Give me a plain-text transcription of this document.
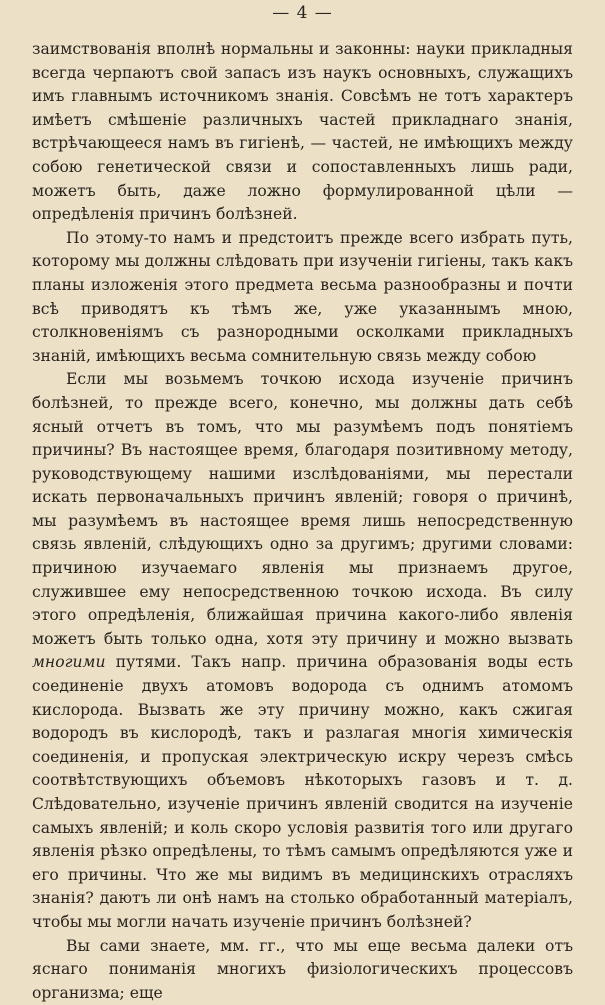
— 4 —

заимствованія вполнѣ нормальны и законны: науки прикладныя всегда черпаютъ свой запасъ изъ наукъ основныхъ, служащихъ имъ главнымъ источникомъ знанія. Совсѣмъ не тотъ характеръ имѣетъ смѣшеніе различныхъ частей прикладнаго знанія, встрѣчающееся намъ въ гигіенѣ, — частей, не имѣющихъ между собою генетической связи и сопоставленныхъ лишь ради, можетъ быть, даже ложно формулированной цѣли — опредѣленія причинъ болѣзней.

По этому-то намъ и предстоитъ прежде всего избрать путь, которому мы должны слѣдовать при изученіи гигіены, такъ какъ планы изложенія этого предмета весьма разнообразны и почти всѣ приводятъ къ тѣмъ же, уже указаннымъ мною, столкновеніямъ съ разнородными осколками прикладныхъ знаній, имѣющихъ весьма сомнительную связь между собою

Если мы возьмемъ точкою исхода изученіе причинъ болѣзней, то прежде всего, конечно, мы должны дать себѣ ясный отчетъ въ томъ, что мы разумѣемъ подъ понятіемъ причины? Въ настоящее время, благодаря позитивному методу, руководствующему нашими изслѣдованіями, мы перестали искать первоначальныхъ причинъ явленій; говоря о причинѣ, мы разумѣемъ въ настоящее время лишь непосредственную связь явленій, слѣдующихъ одно за другимъ; другими словами: причиною изучаемаго явленія мы признаемъ другое, служившее ему непосредственною точкою исхода. Въ силу этого опредѣленія, ближайшая причина какого-либо явленія можетъ быть только одна, хотя эту причину и можно вызвать многими путями. Такъ напр. причина образованія воды есть соединеніе двухъ атомовъ водорода съ однимъ атомомъ кислорода. Вызвать же эту причину можно, какъ сжигая водородъ въ кислородѣ, такъ и разлагая многія химическія соединенія, и пропуская электрическую искру черезъ смѣсь соотвѣтствующихъ объемовъ нѣкоторыхъ газовъ и т. д. Слѣдовательно, изученіе причинъ явленій сводится на изученіе самыхъ явленій; и коль скоро условія развитія того или другаго явленія рѣзко опредѣлены, то тѣмъ самымъ опредѣляются уже и его причины. Что же мы видимъ въ медицинскихъ отрасляхъ знанія? даютъ ли онѣ намъ на столько обработанный матеріалъ, чтобы мы могли начать изученіе причинъ болѣзней?

Вы сами знаете, мм. гг., что мы еще весьма далеки отъ яснаго пониманія многихъ физіологическихъ процессовъ организма; еще
